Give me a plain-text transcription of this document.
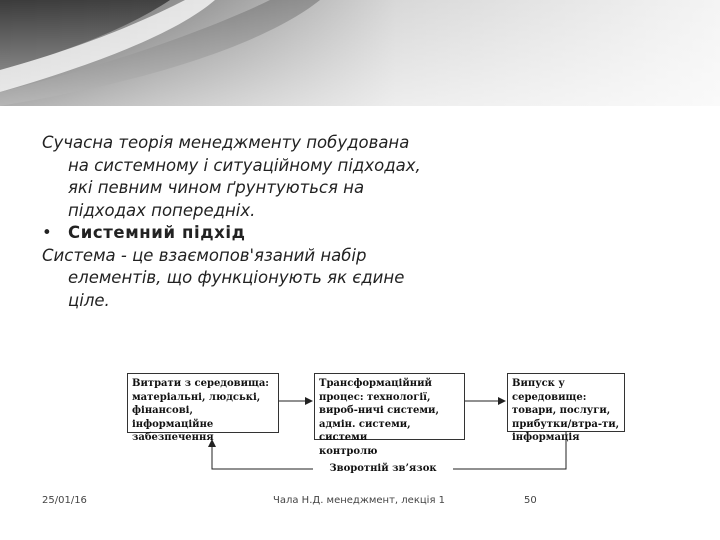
Сучасна теорія менеджменту побудована на системному і ситуаційному підходах, які певним чином ґрунтуються на підходах попередніх.

• Системний підхід

Система - це взаємопов'язаний набір елементів, що функціонують як єдине ціле.

Витрати з середовища:
матеріальні, людські,
фінансові, інформаційне
забезпечення
Трансформаційний
процес: технології,
вироб-ничі системи,
адмін. системи, системи
контролю
Випуск у
середовище:
товари, послуги,
прибутки/втра-ти,
інформація
Зворотній зв’язок
25/01/16	Чала Н.Д. менеджмент, лекція 1	50
